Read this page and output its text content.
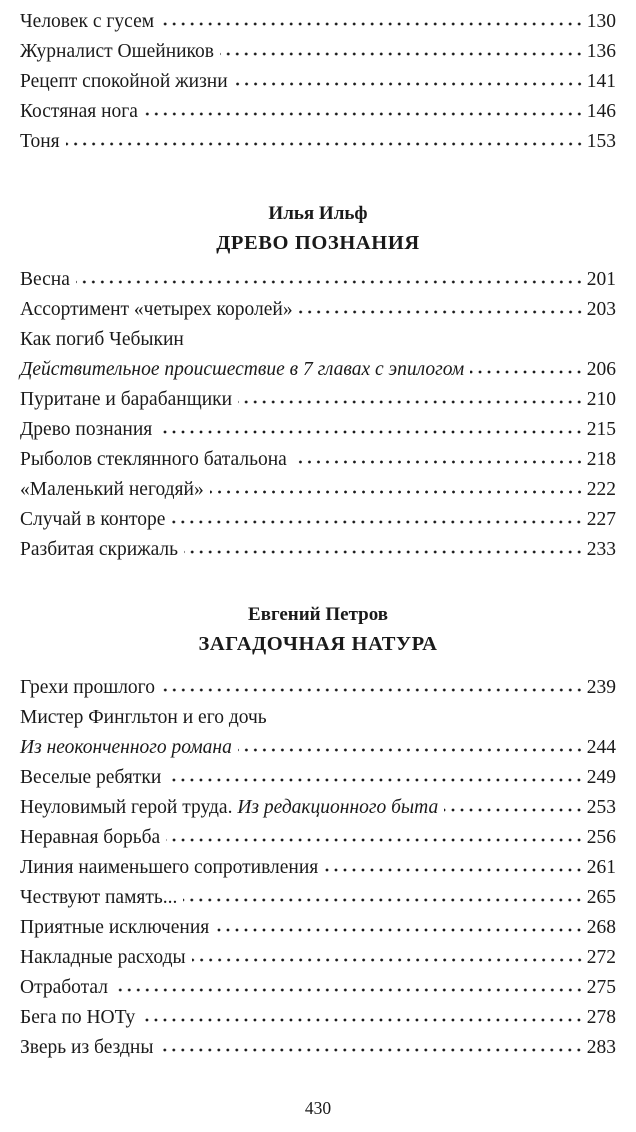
Человек с гусем	130
Журналист Ошейников	136
Рецепт спокойной жизни	141
Костяная нога	146
Тоня	153
Илья Ильф
ДРЕВО ПОЗНАНИЯ
Весна	201
Ассортимент «четырех королей»	203
Как погиб Чебыкин
Действительное происшествие в 7 главах с эпилогом	206
Пуритане и барабанщики	210
Древо познания	215
Рыболов стеклянного батальона	218
«Маленький негодяй»	222
Случай в конторе	227
Разбитая скрижаль	233
Евгений Петров
ЗАГАДОЧНАЯ НАТУРА
Грехи прошлого	239
Мистер Фингльтон и его дочь
Из неоконченного романа	244
Веселые ребятки	249
Неуловимый герой труда. Из редакционного быта	253
Неравная борьба	256
Линия наименьшего сопротивления	261
Чествуют память...	265
Приятные исключения	268
Накладные расходы	272
Отработал	275
Бега по НОТу	278
Зверь из бездны	283
430
